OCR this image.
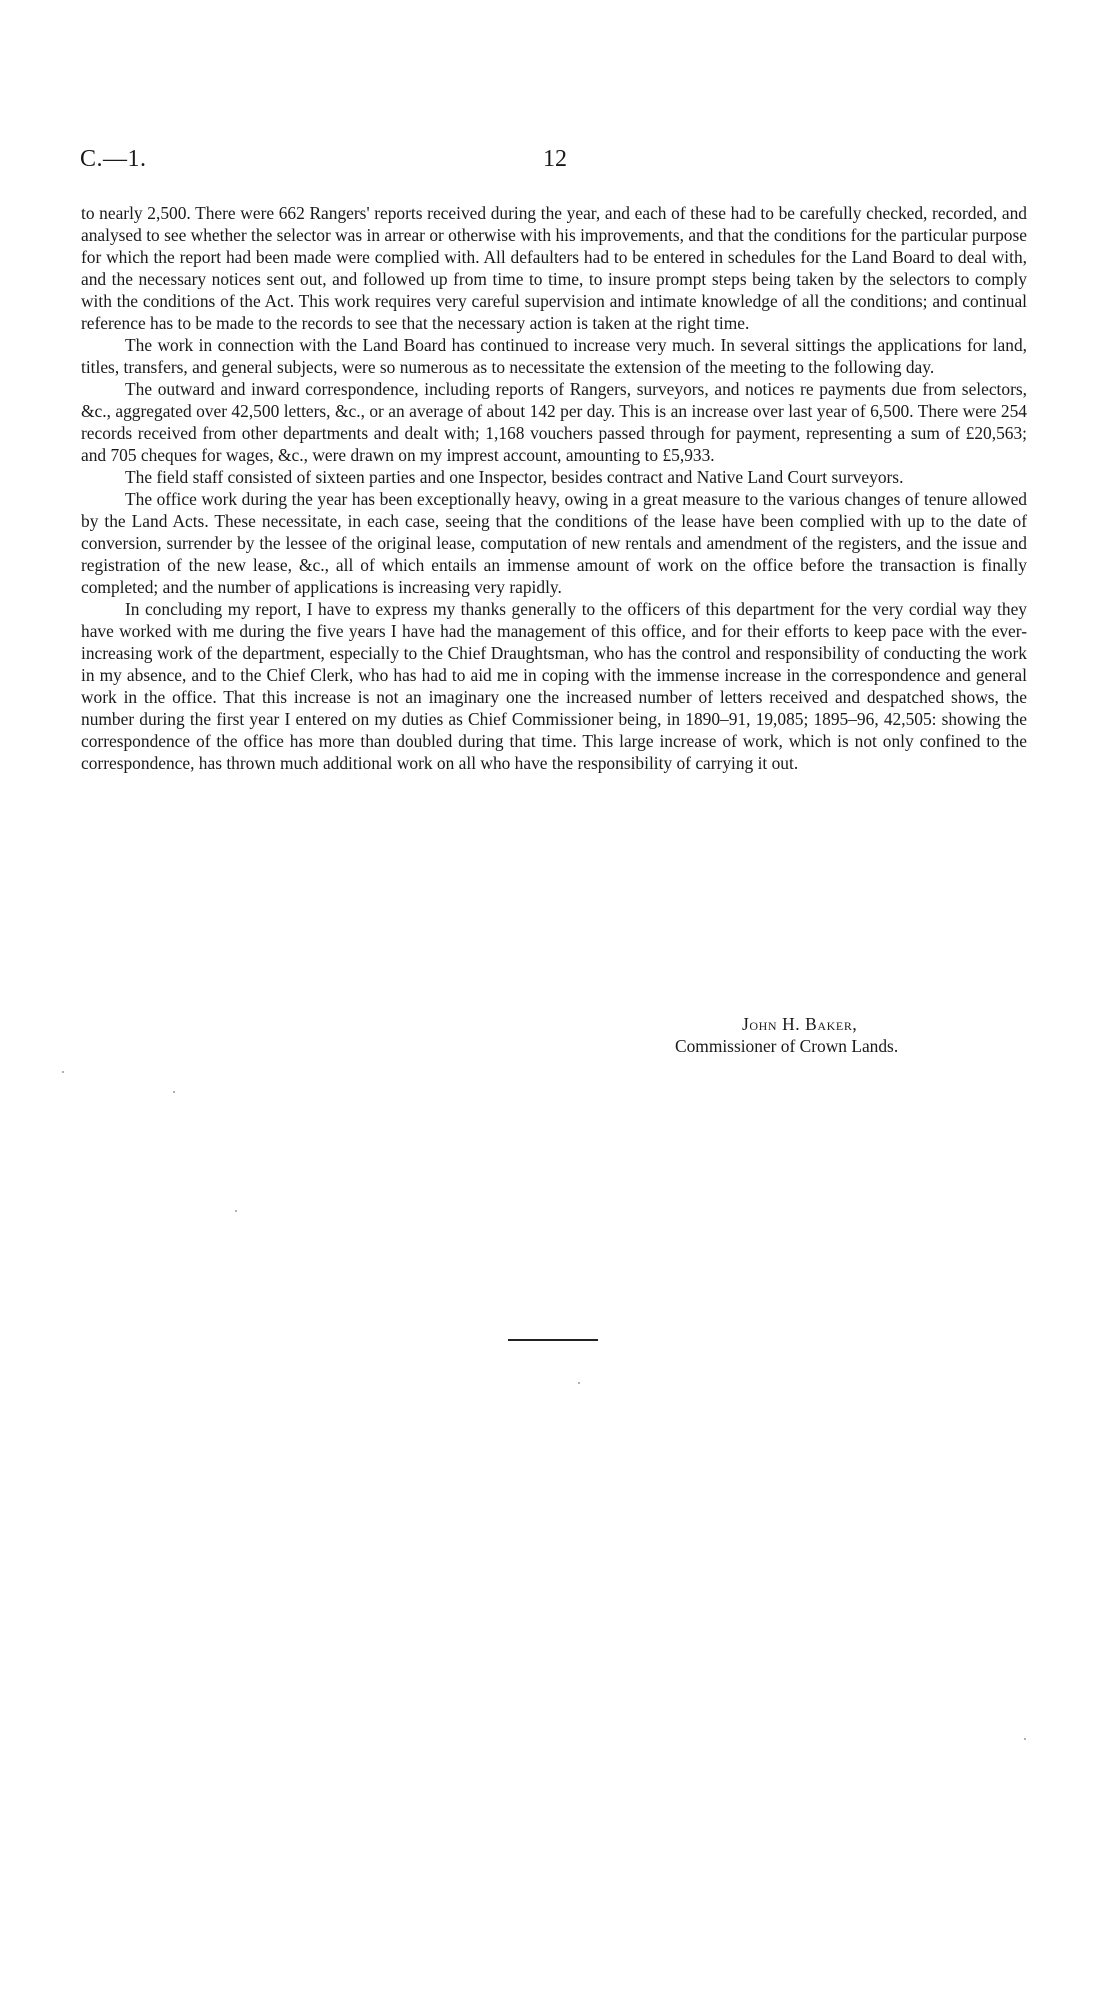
C.—1.	12

to nearly 2,500. There were 662 Rangers' reports received during the year, and each of these had to be carefully checked, recorded, and analysed to see whether the selector was in arrear or otherwise with his improvements, and that the conditions for the particular purpose for which the report had been made were complied with. All defaulters had to be entered in schedules for the Land Board to deal with, and the necessary notices sent out, and followed up from time to time, to insure prompt steps being taken by the selectors to comply with the conditions of the Act. This work requires very careful supervision and intimate knowledge of all the conditions; and continual reference has to be made to the records to see that the necessary action is taken at the right time.

The work in connection with the Land Board has continued to increase very much. In several sittings the applications for land, titles, transfers, and general subjects, were so numerous as to necessitate the extension of the meeting to the following day.

The outward and inward correspondence, including reports of Rangers, surveyors, and notices re payments due from selectors, &c., aggregated over 42,500 letters, &c., or an average of about 142 per day. This is an increase over last year of 6,500. There were 254 records received from other departments and dealt with; 1,168 vouchers passed through for payment, representing a sum of £20,563; and 705 cheques for wages, &c., were drawn on my imprest account, amounting to £5,933.

The field staff consisted of sixteen parties and one Inspector, besides contract and Native Land Court surveyors.

The office work during the year has been exceptionally heavy, owing in a great measure to the various changes of tenure allowed by the Land Acts. These necessitate, in each case, seeing that the conditions of the lease have been complied with up to the date of conversion, surrender by the lessee of the original lease, computation of new rentals and amendment of the registers, and the issue and registration of the new lease, &c., all of which entails an immense amount of work on the office before the transaction is finally completed; and the number of applications is increasing very rapidly.

In concluding my report, I have to express my thanks generally to the officers of this department for the very cordial way they have worked with me during the five years I have had the management of this office, and for their efforts to keep pace with the ever-increasing work of the department, especially to the Chief Draughtsman, who has the control and responsibility of conducting the work in my absence, and to the Chief Clerk, who has had to aid me in coping with the immense increase in the correspondence and general work in the office. That this increase is not an imaginary one the increased number of letters received and despatched shows, the number during the first year I entered on my duties as Chief Commissioner being, in 1890–91, 19,085; 1895–96, 42,505: showing the correspondence of the office has more than doubled during that time. This large increase of work, which is not only confined to the correspondence, has thrown much additional work on all who have the responsibility of carrying it out.

John H. Baker,
Commissioner of Crown Lands.
